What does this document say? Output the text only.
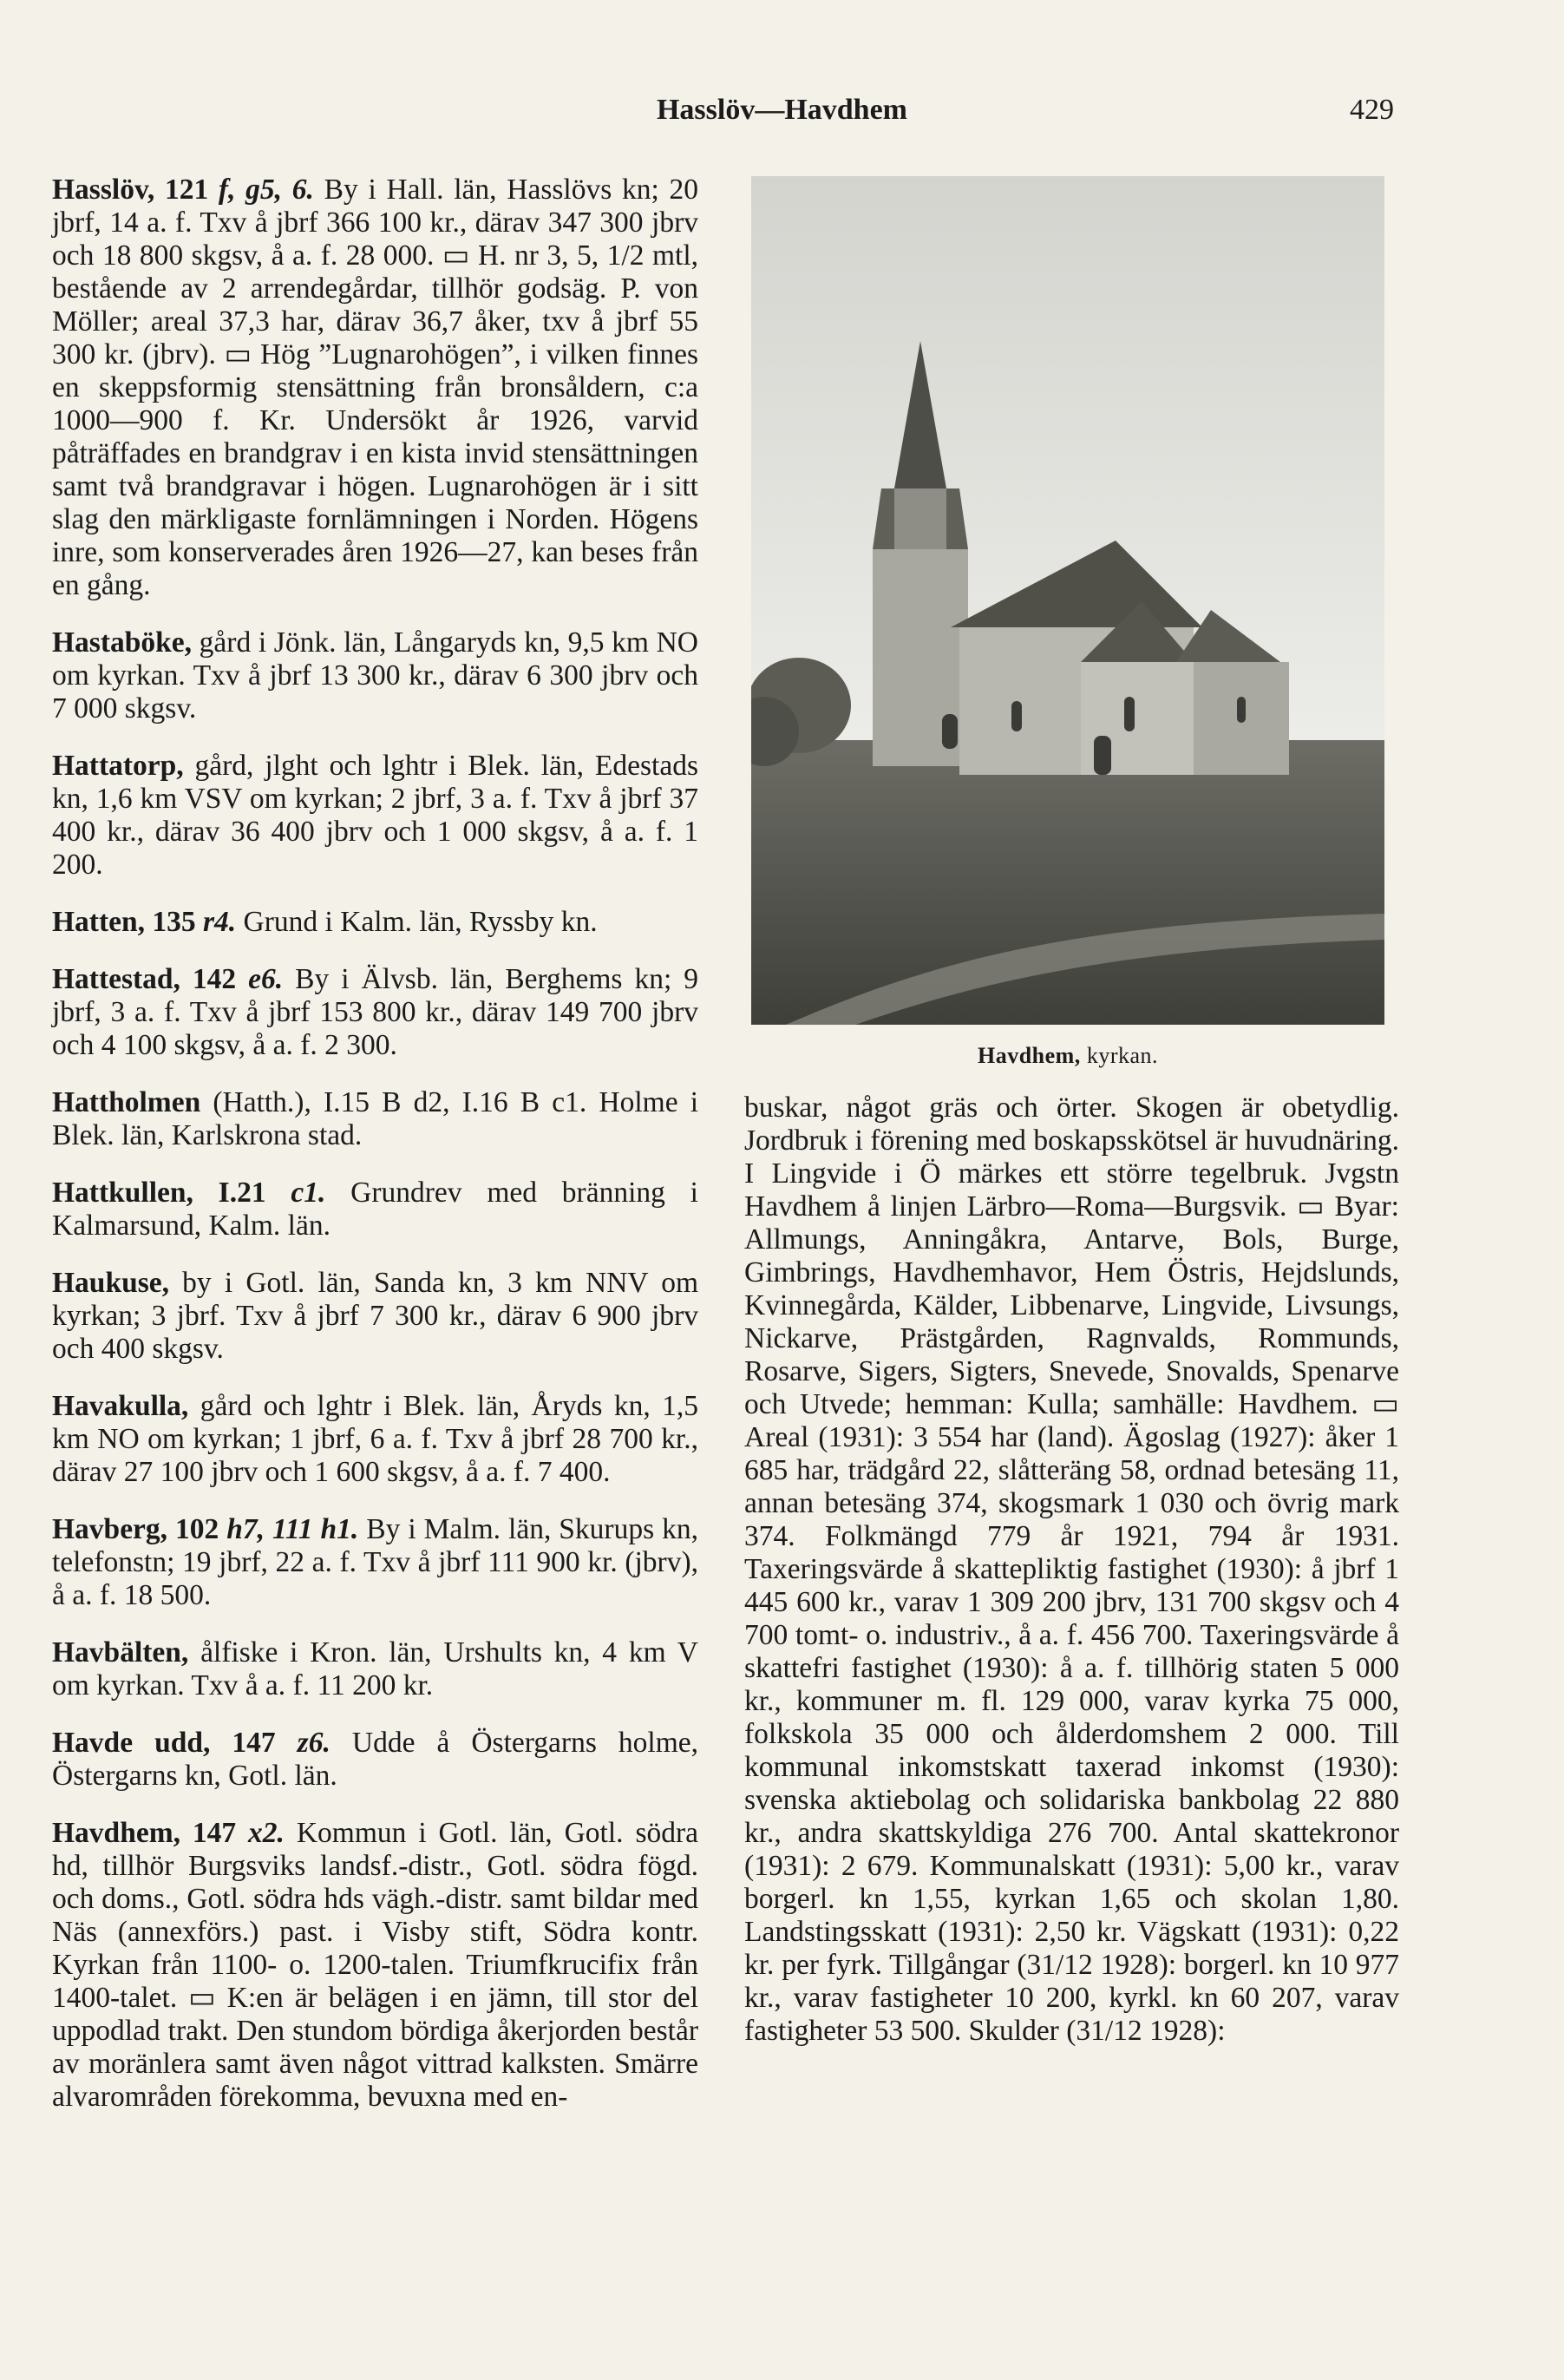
Hasslöv—Havdhem	429

Hasslöv, 121 f, g5, 6. By i Hall. län, Hasslövs kn; 20 jbrf, 14 a. f. Txv å jbrf 366 100 kr., därav 347 300 jbrv och 18 800 skgsv, å a. f. 28 000. ▭ H. nr 3, 5, 1/2 mtl, bestående av 2 arrendegårdar, tillhör godsäg. P. von Möller; areal 37,3 har, därav 36,7 åker, txv å jbrf 55 300 kr. (jbrv). ▭ Hög ”Lugnarohögen”, i vilken finnes en skeppsformig stensättning från bronsåldern, c:a 1000—900 f. Kr. Undersökt år 1926, varvid påträffades en brandgrav i en kista invid stensättningen samt två brandgravar i högen. Lugnarohögen är i sitt slag den märkligaste fornlämningen i Norden. Högens inre, som konserverades åren 1926—27, kan beses från en gång.

Hastaböke, gård i Jönk. län, Långaryds kn, 9,5 km NO om kyrkan. Txv å jbrf 13 300 kr., därav 6 300 jbrv och 7 000 skgsv.

Hattatorp, gård, jlght och lghtr i Blek. län, Edestads kn, 1,6 km VSV om kyrkan; 2 jbrf, 3 a. f. Txv å jbrf 37 400 kr., därav 36 400 jbrv och 1 000 skgsv, å a. f. 1 200.

Hatten, 135 r4. Grund i Kalm. län, Ryssby kn.

Hattestad, 142 e6. By i Älvsb. län, Berghems kn; 9 jbrf, 3 a. f. Txv å jbrf 153 800 kr., därav 149 700 jbrv och 4 100 skgsv, å a. f. 2 300.

Hattholmen (Hatth.), I.15 B d2, I.16 B c1. Holme i Blek. län, Karlskrona stad.

Hattkullen, I.21 c1. Grundrev med bränning i Kalmarsund, Kalm. län.

Haukuse, by i Gotl. län, Sanda kn, 3 km NNV om kyrkan; 3 jbrf. Txv å jbrf 7 300 kr., därav 6 900 jbrv och 400 skgsv.

Havakulla, gård och lghtr i Blek. län, Åryds kn, 1,5 km NO om kyrkan; 1 jbrf, 6 a. f. Txv å jbrf 28 700 kr., därav 27 100 jbrv och 1 600 skgsv, å a. f. 7 400.

Havberg, 102 h7, 111 h1. By i Malm. län, Skurups kn, telefonstn; 19 jbrf, 22 a. f. Txv å jbrf 111 900 kr. (jbrv), å a. f. 18 500.

Havbälten, ålfiske i Kron. län, Urshults kn, 4 km V om kyrkan. Txv å a. f. 11 200 kr.

Havde udd, 147 z6. Udde å Östergarns holme, Östergarns kn, Gotl. län.

Havdhem, 147 x2. Kommun i Gotl. län, Gotl. södra hd, tillhör Burgsviks landsf.-distr., Gotl. södra fögd. och doms., Gotl. södra hds vägh.-distr. samt bildar med Näs (annexförs.) past. i Visby stift, Södra kontr. Kyrkan från 1100- o. 1200-talen. Triumfkrucifix från 1400-talet. ▭ K:en är belägen i en jämn, till stor del uppodlad trakt. Den stundom bördiga åkerjorden består av moränlera samt även något vittrad kalksten. Smärre alvarområden förekomma, bevuxna med en-

Havdhem, kyrkan.

buskar, något gräs och örter. Skogen är obetydlig. Jordbruk i förening med boskapsskötsel är huvudnäring. I Lingvide i Ö märkes ett större tegelbruk. Jvgstn Havdhem å linjen Lärbro—Roma—Burgsvik. ▭ Byar: Allmungs, Anningåkra, Antarve, Bols, Burge, Gimbrings, Havdhemhavor, Hem Östris, Hejdslunds, Kvinnegårda, Kälder, Libbenarve, Lingvide, Livsungs, Nickarve, Prästgården, Ragnvalds, Rommunds, Rosarve, Sigers, Sigters, Snevede, Snovalds, Spenarve och Utvede; hemman: Kulla; samhälle: Havdhem. ▭ Areal (1931): 3 554 har (land). Ägoslag (1927): åker 1 685 har, trädgård 22, slåtteräng 58, ordnad betesäng 11, annan betesäng 374, skogsmark 1 030 och övrig mark 374. Folkmängd 779 år 1921, 794 år 1931. Taxeringsvärde å skattepliktig fastighet (1930): å jbrf 1 445 600 kr., varav 1 309 200 jbrv, 131 700 skgsv och 4 700 tomt- o. industriv., å a. f. 456 700. Taxeringsvärde å skattefri fastighet (1930): å a. f. tillhörig staten 5 000 kr., kommuner m. fl. 129 000, varav kyrka 75 000, folkskola 35 000 och ålderdomshem 2 000. Till kommunal inkomstskatt taxerad inkomst (1930): svenska aktiebolag och solidariska bankbolag 22 880 kr., andra skattskyldiga 276 700. Antal skattekronor (1931): 2 679. Kommunalskatt (1931): 5,00 kr., varav borgerl. kn 1,55, kyrkan 1,65 och skolan 1,80. Landstingsskatt (1931): 2,50 kr. Vägskatt (1931): 0,22 kr. per fyrk. Tillgångar (31/12 1928): borgerl. kn 10 977 kr., varav fastigheter 10 200, kyrkl. kn 60 207, varav fastigheter 53 500. Skulder (31/12 1928):
